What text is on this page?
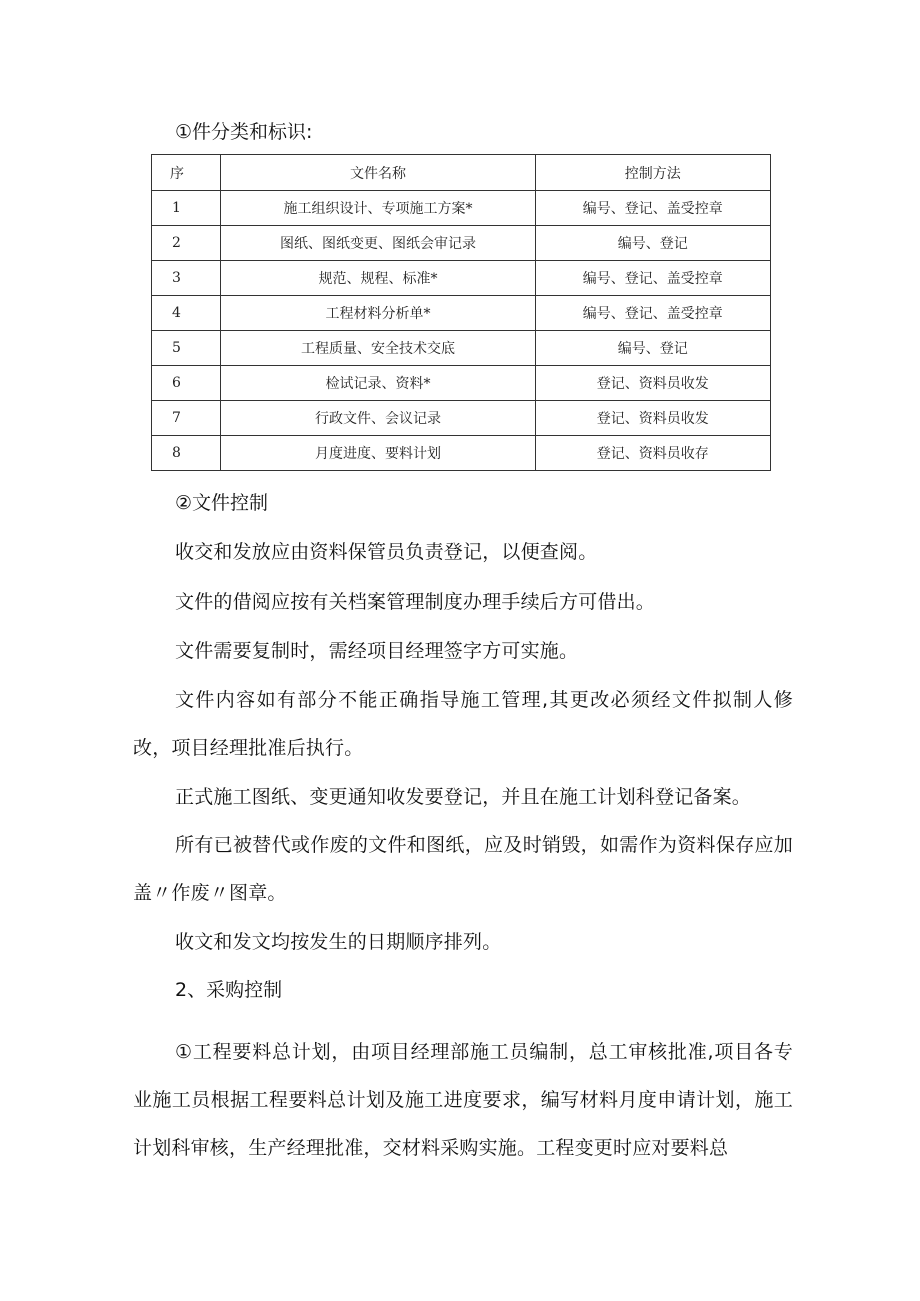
①件分类和标识:
序	文件名称	控制方法
1	施工组织设计、专项施工方案*	编号、登记、盖受控章
2	图纸、图纸变更、图纸会审记录	编号、登记
3	规范、规程、标准*	编号、登记、盖受控章
4	工程材料分析单*	编号、登记、盖受控章
5	工程质量、安全技术交底	编号、登记
6	检试记录、资料*	登记、资料员收发
7	行政文件、会议记录	登记、资料员收发
8	月度进度、要料计划	登记、资料员收存
②文件控制

收交和发放应由资料保管员负责登记，以便查阅。

文件的借阅应按有关档案管理制度办理手续后方可借出。

文件需要复制时，需经项目经理签字方可实施。

文件内容如有部分不能正确指导施工管理,其更改必须经文件拟制人修改，项目经理批准后执行。

正式施工图纸、变更通知收发要登记，并且在施工计划科登记备案。

所有已被替代或作废的文件和图纸，应及时销毁，如需作为资料保存应加盖〃作废〃图章。

收文和发文均按发生的日期顺序排列。

2、采购控制

①工程要料总计划，由项目经理部施工员编制，总工审核批准,项目各专业施工员根据工程要料总计划及施工进度要求，编写材料月度申请计划，施工计划科审核，生产经理批准，交材料采购实施。工程变更时应对要料总
